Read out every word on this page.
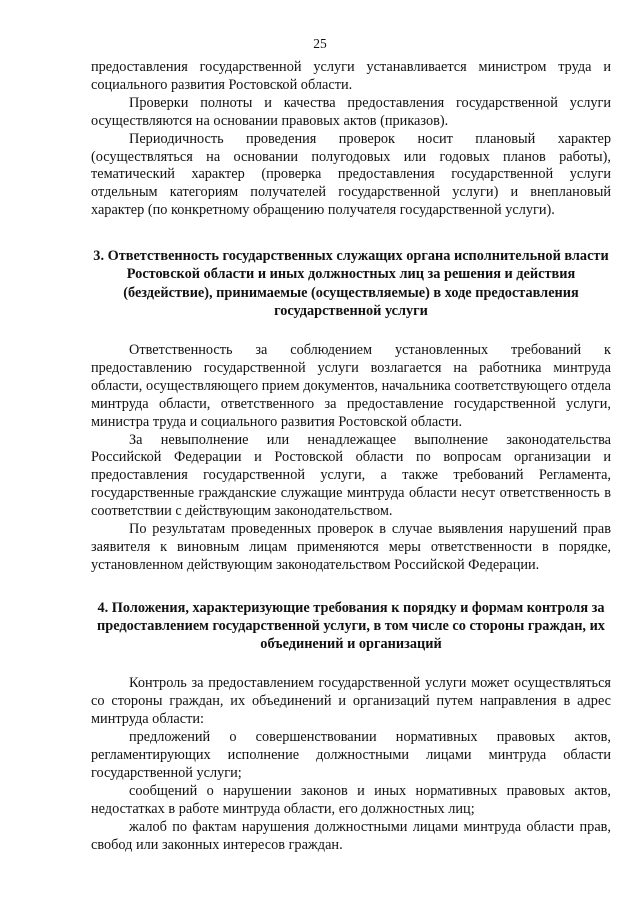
25

предоставления государственной услуги устанавливается министром труда и социального развития Ростовской области.

Проверки полноты и качества предоставления государственной услуги осуществляются на основании правовых актов (приказов).

Периодичность проведения проверок носит плановый характер (осуществляться на основании полугодовых или годовых планов работы), тематический характер (проверка предоставления государственной услуги отдельным категориям получателей государственной услуги) и внеплановый характер (по конкретному обращению получателя государственной услуги).

3. Ответственность государственных служащих органа исполнительной власти Ростовской области и иных должностных лиц за решения и действия (бездействие), принимаемые (осуществляемые) в ходе предоставления государственной услуги

Ответственность за соблюдением установленных требований к предоставлению государственной услуги возлагается на работника минтруда области, осуществляющего прием документов, начальника соответствующего отдела минтруда области, ответственного за предоставление государственной услуги, министра труда и социального развития Ростовской области.

За невыполнение или ненадлежащее выполнение законодательства Российской Федерации и Ростовской области по вопросам организации и предоставления государственной услуги, а также требований Регламента, государственные гражданские служащие минтруда области несут ответственность в соответствии с действующим законодательством.

По результатам проведенных проверок в случае выявления нарушений прав заявителя к виновным лицам применяются меры ответственности в порядке, установленном действующим законодательством Российской Федерации.

4. Положения, характеризующие требования к порядку и формам контроля за предоставлением государственной услуги, в том числе со стороны граждан, их объединений и организаций

Контроль за предоставлением государственной услуги может осуществляться со стороны граждан, их объединений и организаций путем направления в адрес минтруда области:

предложений о совершенствовании нормативных правовых актов, регламентирующих исполнение должностными лицами минтруда области государственной услуги;

сообщений о нарушении законов и иных нормативных правовых актов, недостатках в работе минтруда области, его должностных лиц;

жалоб по фактам нарушения должностными лицами минтруда области прав, свобод или законных интересов граждан.
